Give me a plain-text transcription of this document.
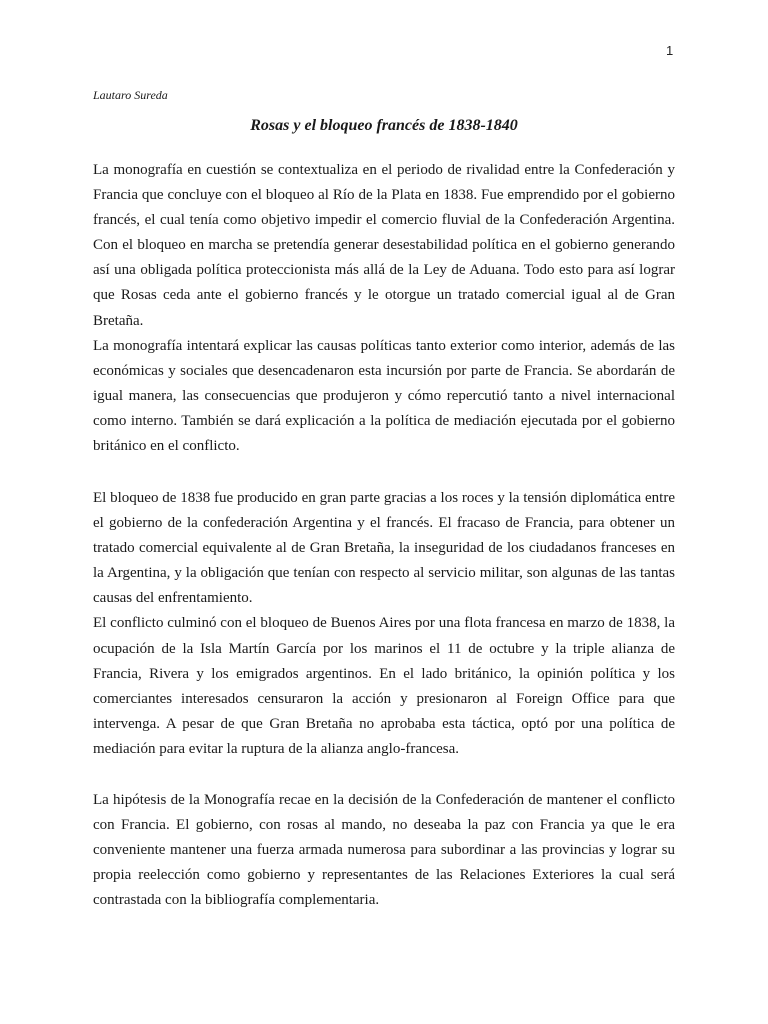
1
Lautaro Sureda
Rosas y el bloqueo francés de 1838-1840

La monografía en cuestión se contextualiza en el periodo de rivalidad entre la Confederación y Francia que concluye con el bloqueo al Río de la Plata en 1838. Fue emprendido por el gobierno francés, el cual tenía como objetivo impedir el comercio fluvial de la Confederación Argentina. Con el bloqueo en marcha se pretendía generar desestabilidad política en el gobierno generando así una obligada política proteccionista más allá de la Ley de Aduana. Todo esto para así lograr que Rosas ceda ante el gobierno francés y le otorgue un tratado comercial igual al de Gran Bretaña.

La monografía intentará explicar las causas políticas tanto exterior como interior, además de las económicas y sociales que desencadenaron esta incursión por parte de Francia. Se abordarán de igual manera, las consecuencias que produjeron y cómo repercutió tanto a nivel internacional como interno. También se dará explicación a la política de mediación ejecutada por el gobierno británico en el conflicto.

El bloqueo de 1838 fue producido en gran parte gracias a los roces y la tensión diplomática entre el gobierno de la confederación Argentina y el francés. El fracaso de Francia, para obtener un tratado comercial equivalente al de Gran Bretaña, la inseguridad de los ciudadanos franceses en la Argentina, y la obligación que tenían con respecto al servicio militar, son algunas de las tantas causas del enfrentamiento.

El conflicto culminó con el bloqueo de Buenos Aires por una flota francesa en marzo de 1838, la ocupación de la Isla Martín García por los marinos el 11 de octubre y la triple alianza de Francia, Rivera y los emigrados argentinos. En el lado británico, la opinión política y los comerciantes interesados censuraron la acción y presionaron al Foreign Office para que intervenga. A pesar de que Gran Bretaña no aprobaba esta táctica, optó por una política de mediación para evitar la ruptura de la alianza anglo-francesa.

La hipótesis de la Monografía recae en la decisión de la Confederación de mantener el conflicto con Francia. El gobierno, con rosas al mando, no deseaba la paz con Francia ya que le era conveniente mantener una fuerza armada numerosa para subordinar a las provincias y lograr su propia reelección como gobierno y representantes de las Relaciones Exteriores la cual será contrastada con la bibliografía complementaria.
